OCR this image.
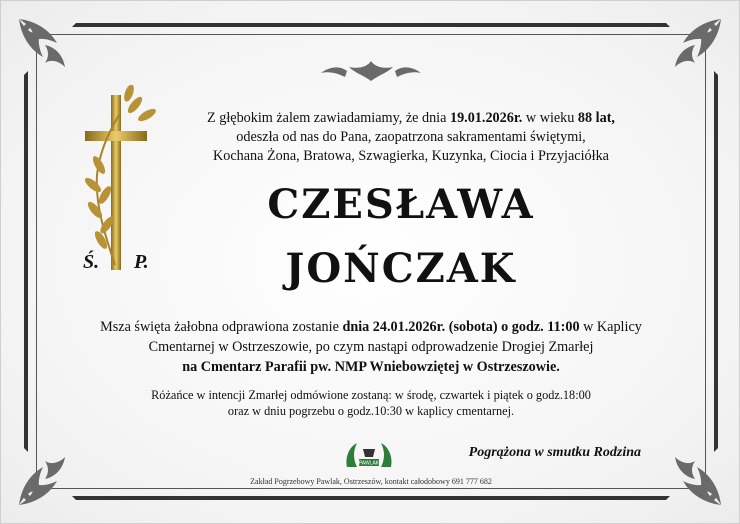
Ś. P.
Z głębokim żalem zawiadamiamy, że dnia 19.01.2026r. w wieku 88 lat,
odeszła od nas do Pana, zaopatrzona sakramentami świętymi,
Kochana Żona, Bratowa, Szwagierka, Kuzynka, Ciocia i Przyjaciółka
CZESŁAWA
JOŃCZAK
Msza święta żałobna odprawiona zostanie dnia 24.01.2026r. (sobota) o godz. 11:00 w Kaplicy
Cmentarnej w Ostrzeszowie, po czym nastąpi odprowadzenie Drogiej Zmarłej
na Cmentarz Parafii pw. NMP Wniebowziętej w Ostrzeszowie.
Różańce w intencji Zmarłej odmówione zostaną: w środę, czwartek i piątek o godz.18:00
oraz w dniu pogrzebu o godz.10:30 w kaplicy cmentarnej.
PAWLAK
Pogrążona w smutku Rodzina
Zakład Pogrzebowy Pawlak, Ostrzeszów, kontakt całodobowy 691 777 682
